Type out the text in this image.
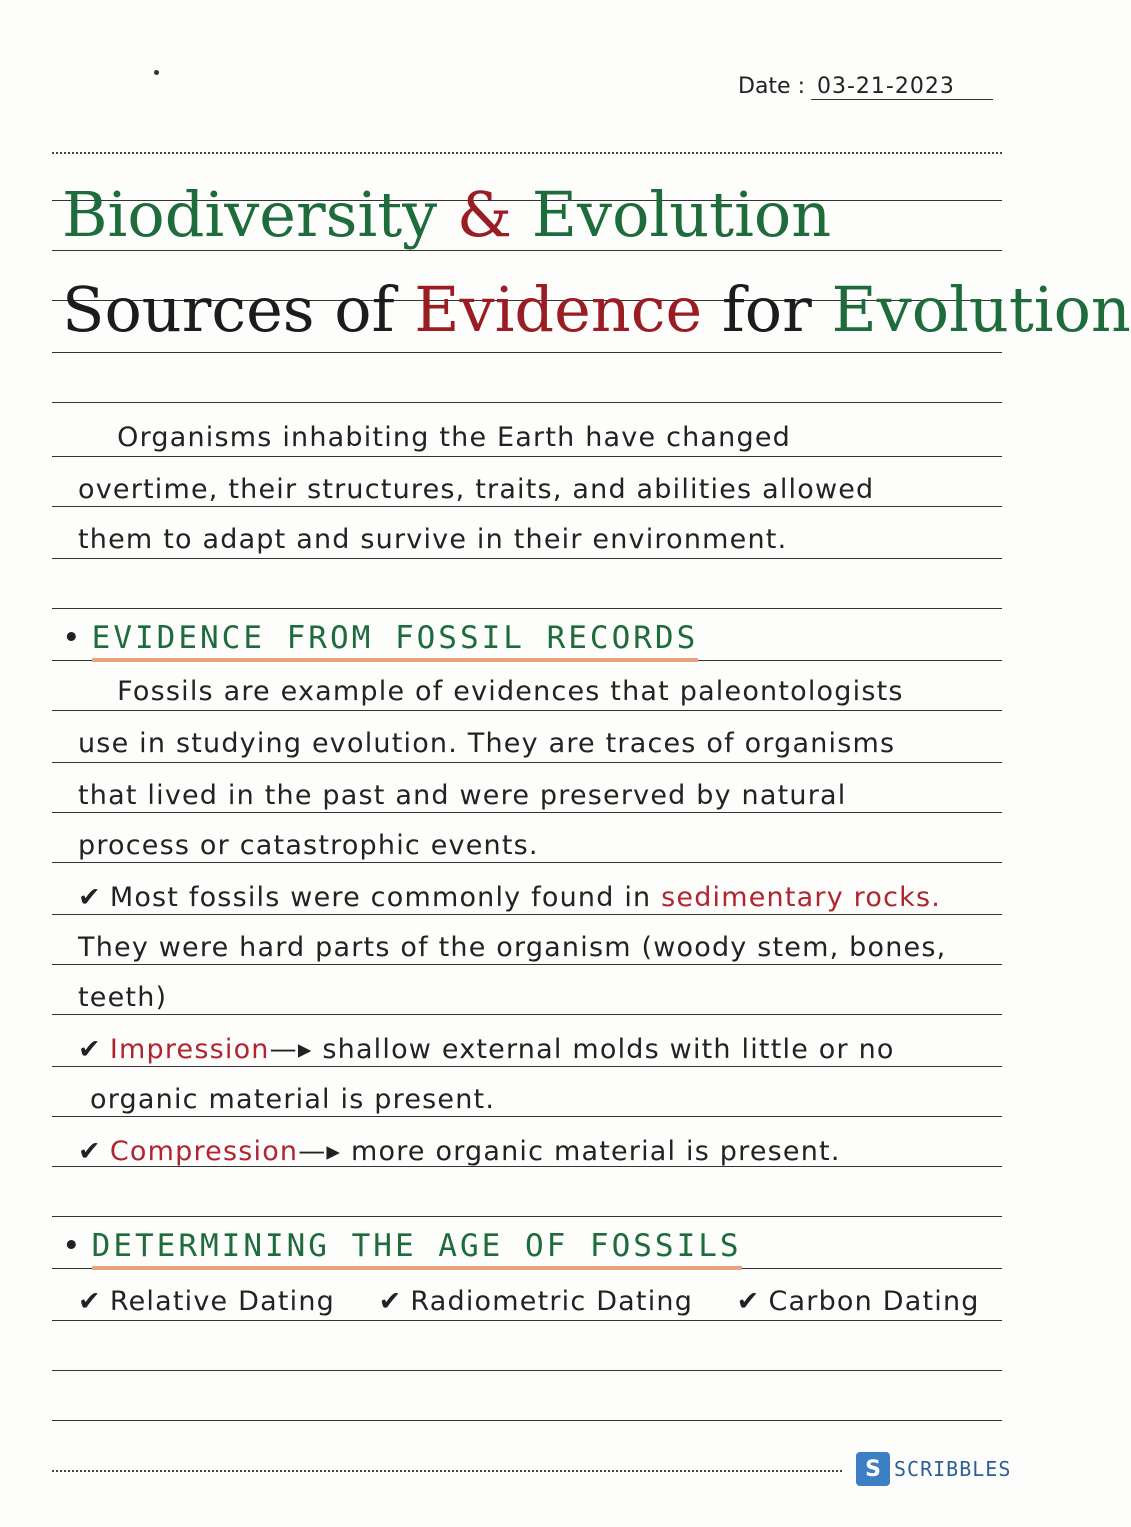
Date : 03-21-2023
Biodiversity & Evolution
Sources of Evidence for Evolution
Organisms inhabiting the Earth have changed
overtime, their structures, traits, and abilities allowed
them to adapt and survive in their environment.
• EVIDENCE FROM FOSSIL RECORDS
Fossils are example of evidences that paleontologists
use in studying evolution. They are traces of organisms
that lived in the past and were preserved by natural
process or catastrophic events.
✔ Most fossils were commonly found in sedimentary rocks.
They were hard parts of the organism (woody stem, bones,
teeth)
✔ Impression—▸ shallow external molds with little or no
organic material is present.
✔ Compression—▸ more organic material is present.
• DETERMINING THE AGE OF FOSSILS
✔ Relative Dating ✔ Radiometric Dating ✔ Carbon Dating
S SCRIBBLES
